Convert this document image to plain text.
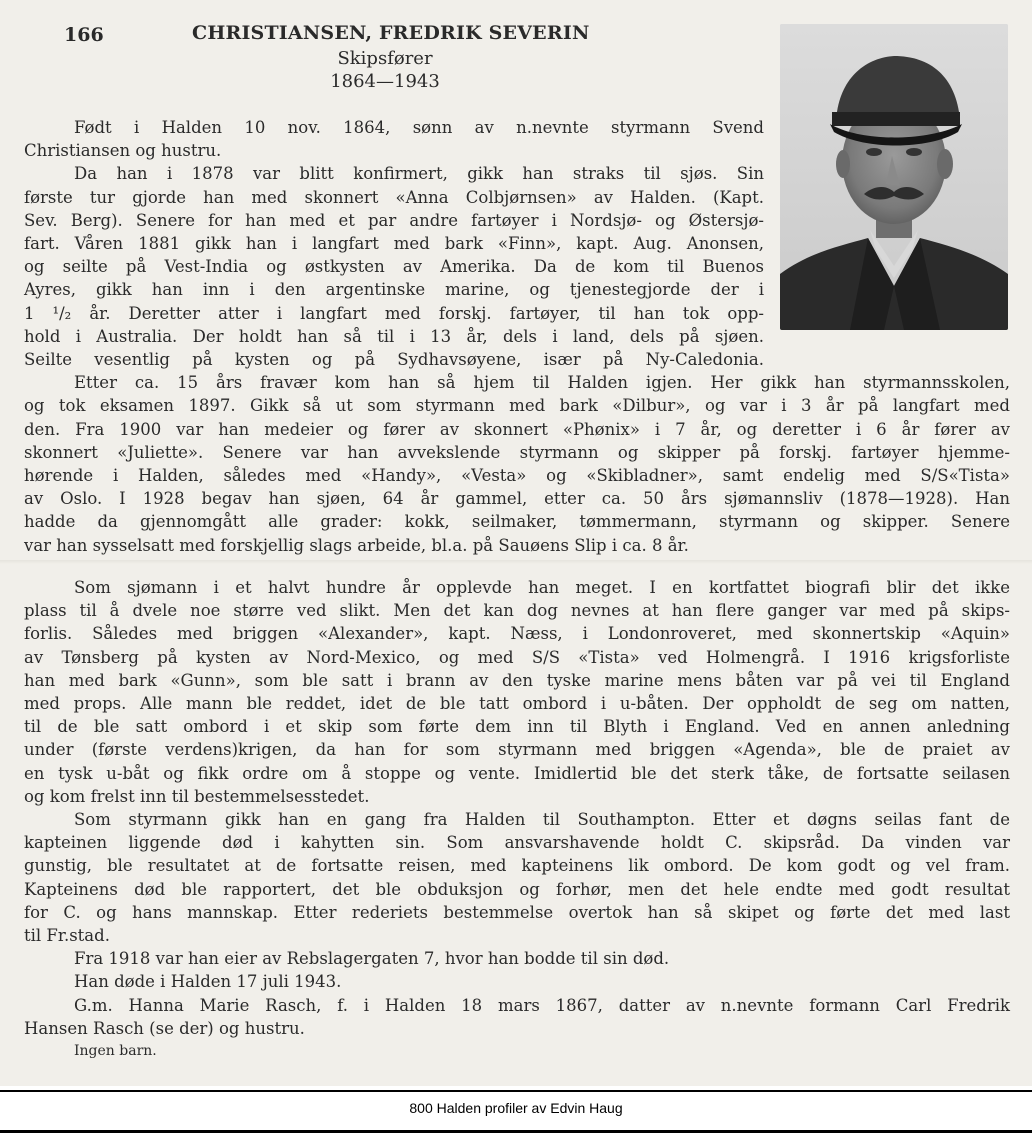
166	CHRISTIANSEN, FREDRIK SEVERIN
Skipsfører
1864—1943
Født i Halden 10 nov. 1864, sønn av n.nevnte styrmann Svend
Christiansen og hustru.
Da han i 1878 var blitt konfirmert, gikk han straks til sjøs. Sin
første tur gjorde han med skonnert «Anna Colbjørnsen» av Halden. (Kapt.
Sev. Berg). Senere for han med et par andre fartøyer i Nordsjø- og Østersjø-
fart. Våren 1881 gikk han i langfart med bark «Finn», kapt. Aug. Anonsen,
og seilte på Vest-India og østkysten av Amerika. Da de kom til Buenos
Ayres, gikk han inn i den argentinske marine, og tjenestegjorde der i
1 ¹/₂ år. Deretter atter i langfart med forskj. fartøyer, til han tok opp-
hold i Australia. Der holdt han så til i 13 år, dels i land, dels på sjøen.
Seilte vesentlig på kysten og på Sydhavsøyene, især på Ny-Caledonia.
Etter ca. 15 års fravær kom han så hjem til Halden igjen. Her gikk han styrmannsskolen,
og tok eksamen 1897. Gikk så ut som styrmann med bark «Dilbur», og var i 3 år på langfart med
den. Fra 1900 var han medeier og fører av skonnert «Phønix» i 7 år, og deretter i 6 år fører av
skonnert «Juliette». Senere var han avvekslende styrmann og skipper på forskj. fartøyer hjemme-
hørende i Halden, således med «Handy», «Vesta» og «Skibladner», samt endelig med S/S«Tista»
av Oslo. I 1928 begav han sjøen, 64 år gammel, etter ca. 50 års sjømannsliv (1878—1928). Han
hadde da gjennomgått alle grader: kokk, seilmaker, tømmermann, styrmann og skipper. Senere
var han sysselsatt med forskjellig slags arbeide, bl.a. på Sauøens Slip i ca. 8 år.
Som sjømann i et halvt hundre år opplevde han meget. I en kortfattet biografi blir det ikke
plass til å dvele noe større ved slikt. Men det kan dog nevnes at han flere ganger var med på skips-
forlis. Således med briggen «Alexander», kapt. Næss, i Londonroveret, med skonnertskip «Aquin»
av Tønsberg på kysten av Nord-Mexico, og med S/S «Tista» ved Holmengrå. I 1916 krigsforliste
han med bark «Gunn», som ble satt i brann av den tyske marine mens båten var på vei til England
med props. Alle mann ble reddet, idet de ble tatt ombord i u-båten. Der oppholdt de seg om natten,
til de ble satt ombord i et skip som førte dem inn til Blyth i England. Ved en annen anledning
under (første verdens)krigen, da han for som styrmann med briggen «Agenda», ble de praiet av
en tysk u-båt og fikk ordre om å stoppe og vente. Imidlertid ble det sterk tåke, de fortsatte seilasen
og kom frelst inn til bestemmelsesstedet.
Som styrmann gikk han en gang fra Halden til Southampton. Etter et døgns seilas fant de
kapteinen liggende død i kahytten sin. Som ansvarshavende holdt C. skipsråd. Da vinden var
gunstig, ble resultatet at de fortsatte reisen, med kapteinens lik ombord. De kom godt og vel fram.
Kapteinens død ble rapportert, det ble obduksjon og forhør, men det hele endte med godt resultat
for C. og hans mannskap. Etter rederiets bestemmelse overtok han så skipet og førte det med last
til Fr.stad.
Fra 1918 var han eier av Rebslagergaten 7, hvor han bodde til sin død.
Han døde i Halden 17 juli 1943.
G.m. Hanna Marie Rasch, f. i Halden 18 mars 1867, datter av n.nevnte formann Carl Fredrik
Hansen Rasch (se der) og hustru.
Ingen barn.
800 Halden profiler av Edvin Haug
